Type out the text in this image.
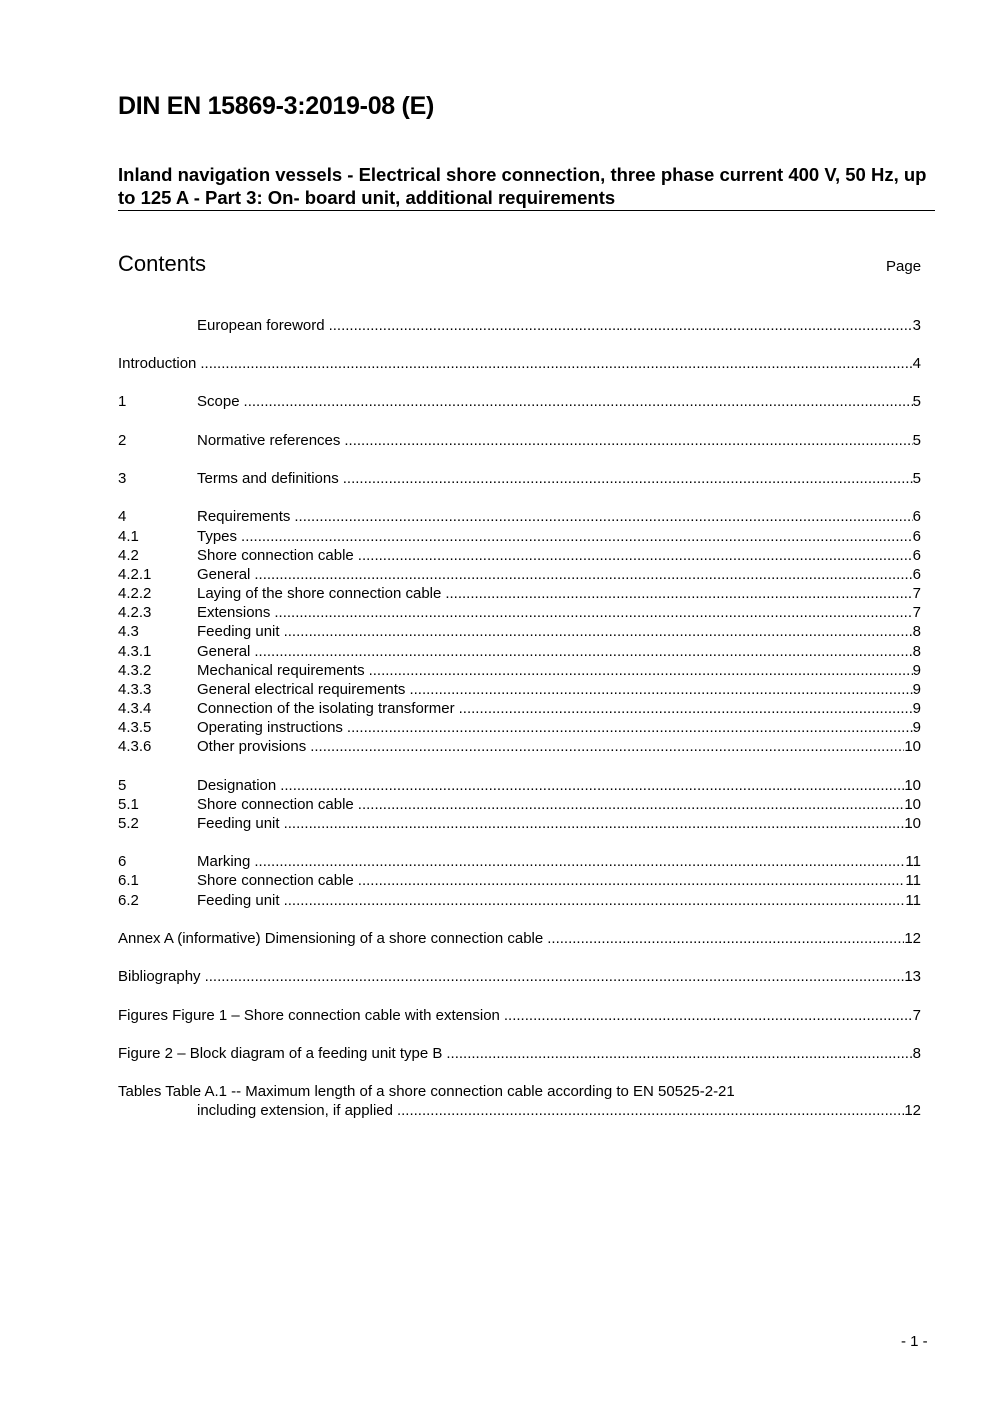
DIN EN 15869-3:2019-08 (E)
Inland navigation vessels - Electrical shore connection, three phase current 400 V, 50 Hz, up to 125 A - Part 3: On- board unit, additional requirements
Contents	Page
European foreword .....	3
Introduction .....	4
1	Scope .....	5
2	Normative references .....	5
3	Terms and definitions .....	5
4	Requirements .....	6
4.1	Types .....	6
4.2	Shore connection cable .....	6
4.2.1	General .....	6
4.2.2	Laying of the shore connection cable .....	7
4.2.3	Extensions .....	7
4.3	Feeding unit .....	8
4.3.1	General .....	8
4.3.2	Mechanical requirements .....	9
4.3.3	General electrical requirements .....	9
4.3.4	Connection of the isolating transformer .....	9
4.3.5	Operating instructions .....	9
4.3.6	Other provisions .....	10
5	Designation .....	10
5.1	Shore connection cable .....	10
5.2	Feeding unit .....	10
6	Marking .....	11
6.1	Shore connection cable .....	11
6.2	Feeding unit .....	11
Annex A (informative) Dimensioning of a shore connection cable .....	12
Bibliography .....	13
Figures Figure 1 – Shore connection cable with extension .....	7
Figure 2 – Block diagram of a feeding unit type B .....	8
Tables Table A.1 -- Maximum length of a shore connection cable according to EN 50525-2-21
including extension, if applied .....	12
- 1 -
